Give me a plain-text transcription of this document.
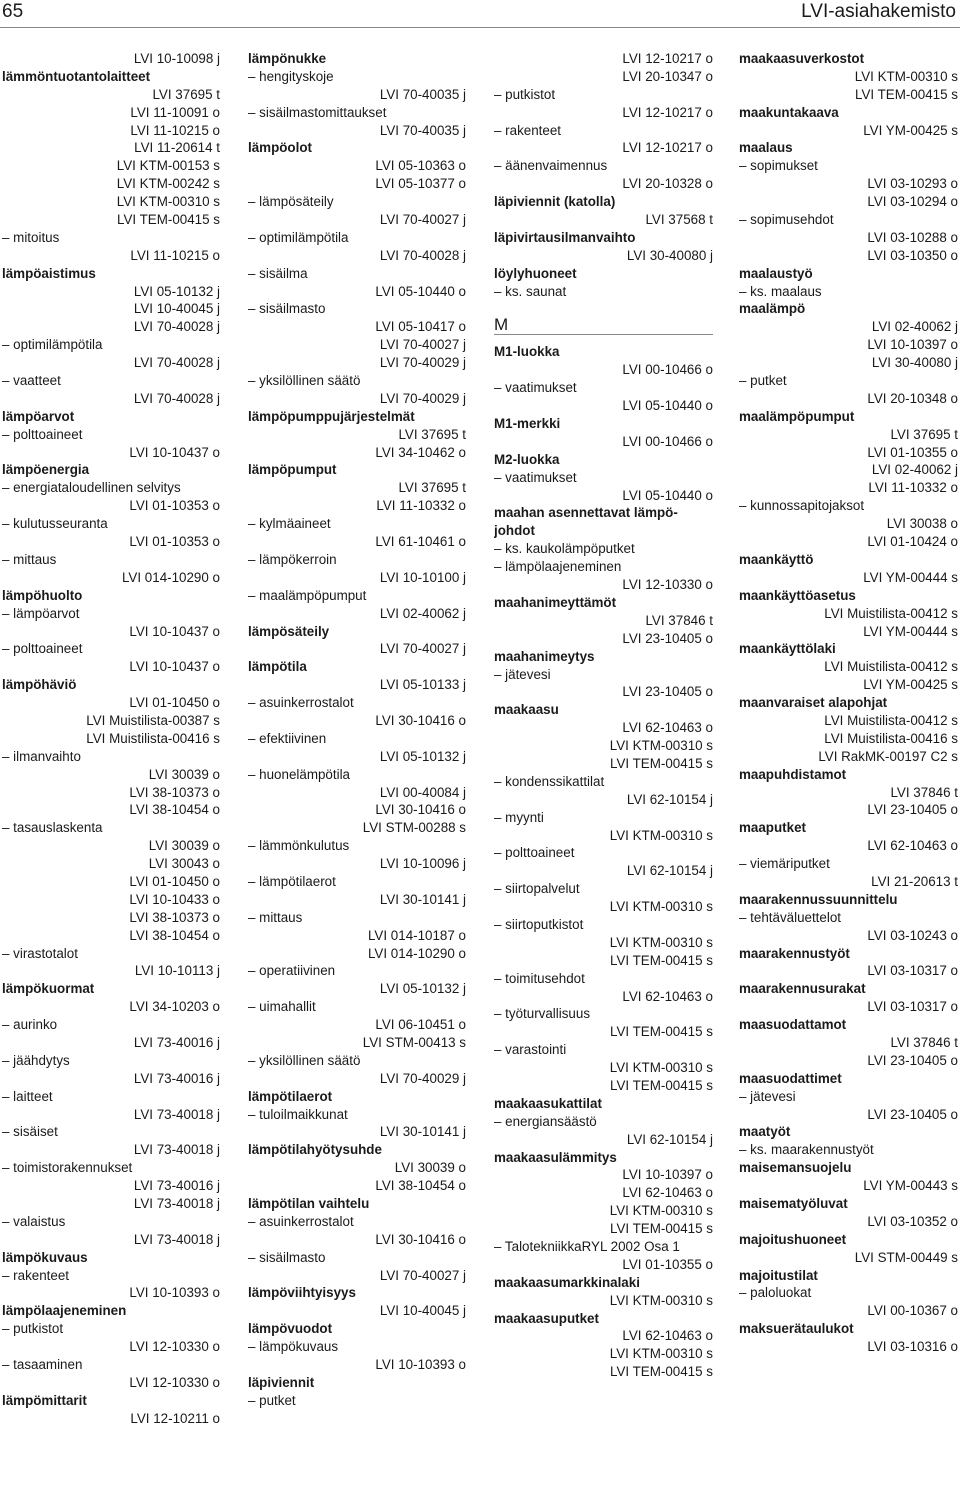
65	LVI-asiahakemisto
LVI 10-10098 j
lämmöntuotantolaitteet
LVI 37695 t
LVI 11-10091 o
LVI 11-10215 o
LVI 11-20614 t
LVI KTM-00153 s
LVI KTM-00242 s
LVI KTM-00310 s
LVI TEM-00415 s
– mitoitus
LVI 11-10215 o
lämpöaistimus
LVI 05-10132 j
LVI 10-40045 j
LVI 70-40028 j
– optimilämpötila
LVI 70-40028 j
– vaatteet
LVI 70-40028 j
lämpöarvot
– polttoaineet
LVI 10-10437 o
lämpöenergia
– energiataloudellinen selvitys
LVI 01-10353 o
– kulutusseuranta
LVI 01-10353 o
– mittaus
LVI 014-10290 o
lämpöhuolto
– lämpöarvot
LVI 10-10437 o
– polttoaineet
LVI 10-10437 o
lämpöhäviö
LVI 01-10450 o
LVI Muistilista-00387 s
LVI Muistilista-00416 s
– ilmanvaihto
LVI 30039 o
LVI 38-10373 o
LVI 38-10454 o
– tasauslaskenta
LVI 30039 o
LVI 30043 o
LVI 01-10450 o
LVI 10-10433 o
LVI 38-10373 o
LVI 38-10454 o
– virastotalot
LVI 10-10113 j
lämpökuormat
LVI 34-10203 o
– aurinko
LVI 73-40016 j
– jäähdytys
LVI 73-40016 j
– laitteet
LVI 73-40018 j
– sisäiset
LVI 73-40018 j
– toimistorakennukset
LVI 73-40016 j
LVI 73-40018 j
– valaistus
LVI 73-40018 j
lämpökuvaus
– rakenteet
LVI 10-10393 o
lämpölaajeneminen
– putkistot
LVI 12-10330 o
– tasaaminen
LVI 12-10330 o
lämpömittarit
LVI 12-10211 o
lämpönukke
– hengityskoje
LVI 70-40035 j
– sisäilmastomittaukset
LVI 70-40035 j
lämpöolot
LVI 05-10363 o
LVI 05-10377 o
– lämpösäteily
LVI 70-40027 j
– optimilämpötila
LVI 70-40028 j
– sisäilma
LVI 05-10440 o
– sisäilmasto
LVI 05-10417 o
LVI 70-40027 j
LVI 70-40029 j
– yksilöllinen säätö
LVI 70-40029 j
lämpöpumppujärjestelmät
LVI 37695 t
LVI 34-10462 o
lämpöpumput
LVI 37695 t
LVI 11-10332 o
– kylmäaineet
LVI 61-10461 o
– lämpökerroin
LVI 10-10100 j
– maalämpöpumput
LVI 02-40062 j
lämpösäteily
LVI 70-40027 j
lämpötila
LVI 05-10133 j
– asuinkerrostalot
LVI 30-10416 o
– efektiivinen
LVI 05-10132 j
– huonelämpötila
LVI 00-40084 j
LVI 30-10416 o
LVI STM-00288 s
– lämmönkulutus
LVI 10-10096 j
– lämpötilaerot
LVI 30-10141 j
– mittaus
LVI 014-10187 o
LVI 014-10290 o
– operatiivinen
LVI 05-10132 j
– uimahallit
LVI 06-10451 o
LVI STM-00413 s
– yksilöllinen säätö
LVI 70-40029 j
lämpötilaerot
– tuloilmaikkunat
LVI 30-10141 j
lämpötilahyötysuhde
LVI 30039 o
LVI 38-10454 o
lämpötilan vaihtelu
– asuinkerrostalot
LVI 30-10416 o
– sisäilmasto
LVI 70-40027 j
lämpöviihtyisyys
LVI 10-40045 j
lämpövuodot
– lämpökuvaus
LVI 10-10393 o
läpiviennit
– putket
LVI 12-10217 o
LVI 20-10347 o
– putkistot
LVI 12-10217 o
– rakenteet
LVI 12-10217 o
– äänenvaimennus
LVI 20-10328 o
läpiviennit (katolla)
LVI 37568 t
läpivirtausilmanvaihto
LVI 30-40080 j
löylyhuoneet
– ks. saunat
M
M1-luokka
LVI 00-10466 o
– vaatimukset
LVI 05-10440 o
M1-merkki
LVI 00-10466 o
M2-luokka
– vaatimukset
LVI 05-10440 o
maahan asennettavat lämpö-
johdot
– ks. kaukolämpöputket
– lämpölaajeneminen
LVI 12-10330 o
maahanimeyttämöt
LVI 37846 t
LVI 23-10405 o
maahanimeytys
– jätevesi
LVI 23-10405 o
maakaasu
LVI 62-10463 o
LVI KTM-00310 s
LVI TEM-00415 s
– kondenssikattilat
LVI 62-10154 j
– myynti
LVI KTM-00310 s
– polttoaineet
LVI 62-10154 j
– siirtopalvelut
LVI KTM-00310 s
– siirtoputkistot
LVI KTM-00310 s
LVI TEM-00415 s
– toimitusehdot
LVI 62-10463 o
– työturvallisuus
LVI TEM-00415 s
– varastointi
LVI KTM-00310 s
LVI TEM-00415 s
maakaasukattilat
– energiansäästö
LVI 62-10154 j
maakaasulämmitys
LVI 10-10397 o
LVI 62-10463 o
LVI KTM-00310 s
LVI TEM-00415 s
– TalotekniikkaRYL 2002 Osa 1
LVI 01-10355 o
maakaasumarkkinalaki
LVI KTM-00310 s
maakaasuputket
LVI 62-10463 o
LVI KTM-00310 s
LVI TEM-00415 s
maakaasuverkostot
LVI KTM-00310 s
LVI TEM-00415 s
maakuntakaava
LVI YM-00425 s
maalaus
– sopimukset
LVI 03-10293 o
LVI 03-10294 o
– sopimusehdot
LVI 03-10288 o
LVI 03-10350 o
maalaustyö
– ks. maalaus
maalämpö
LVI 02-40062 j
LVI 10-10397 o
LVI 30-40080 j
– putket
LVI 20-10348 o
maalämpöpumput
LVI 37695 t
LVI 01-10355 o
LVI 02-40062 j
LVI 11-10332 o
– kunnossapitojaksot
LVI 30038 o
LVI 01-10424 o
maankäyttö
LVI YM-00444 s
maankäyttöasetus
LVI Muistilista-00412 s
LVI YM-00444 s
maankäyttölaki
LVI Muistilista-00412 s
LVI YM-00425 s
maanvaraiset alapohjat
LVI Muistilista-00412 s
LVI Muistilista-00416 s
LVI RakMK-00197 C2 s
maapuhdistamot
LVI 37846 t
LVI 23-10405 o
maaputket
LVI 62-10463 o
– viemäriputket
LVI 21-20613 t
maarakennussuunnittelu
– tehtäväluettelot
LVI 03-10243 o
maarakennustyöt
LVI 03-10317 o
maarakennusurakat
LVI 03-10317 o
maasuodattamot
LVI 37846 t
LVI 23-10405 o
maasuodattimet
– jätevesi
LVI 23-10405 o
maatyöt
– ks. maarakennustyöt
maisemansuojelu
LVI YM-00443 s
maisematyöluvat
LVI 03-10352 o
majoitushuoneet
LVI STM-00449 s
majoitustilat
– paloluokat
LVI 00-10367 o
maksuerätaulukot
LVI 03-10316 o
